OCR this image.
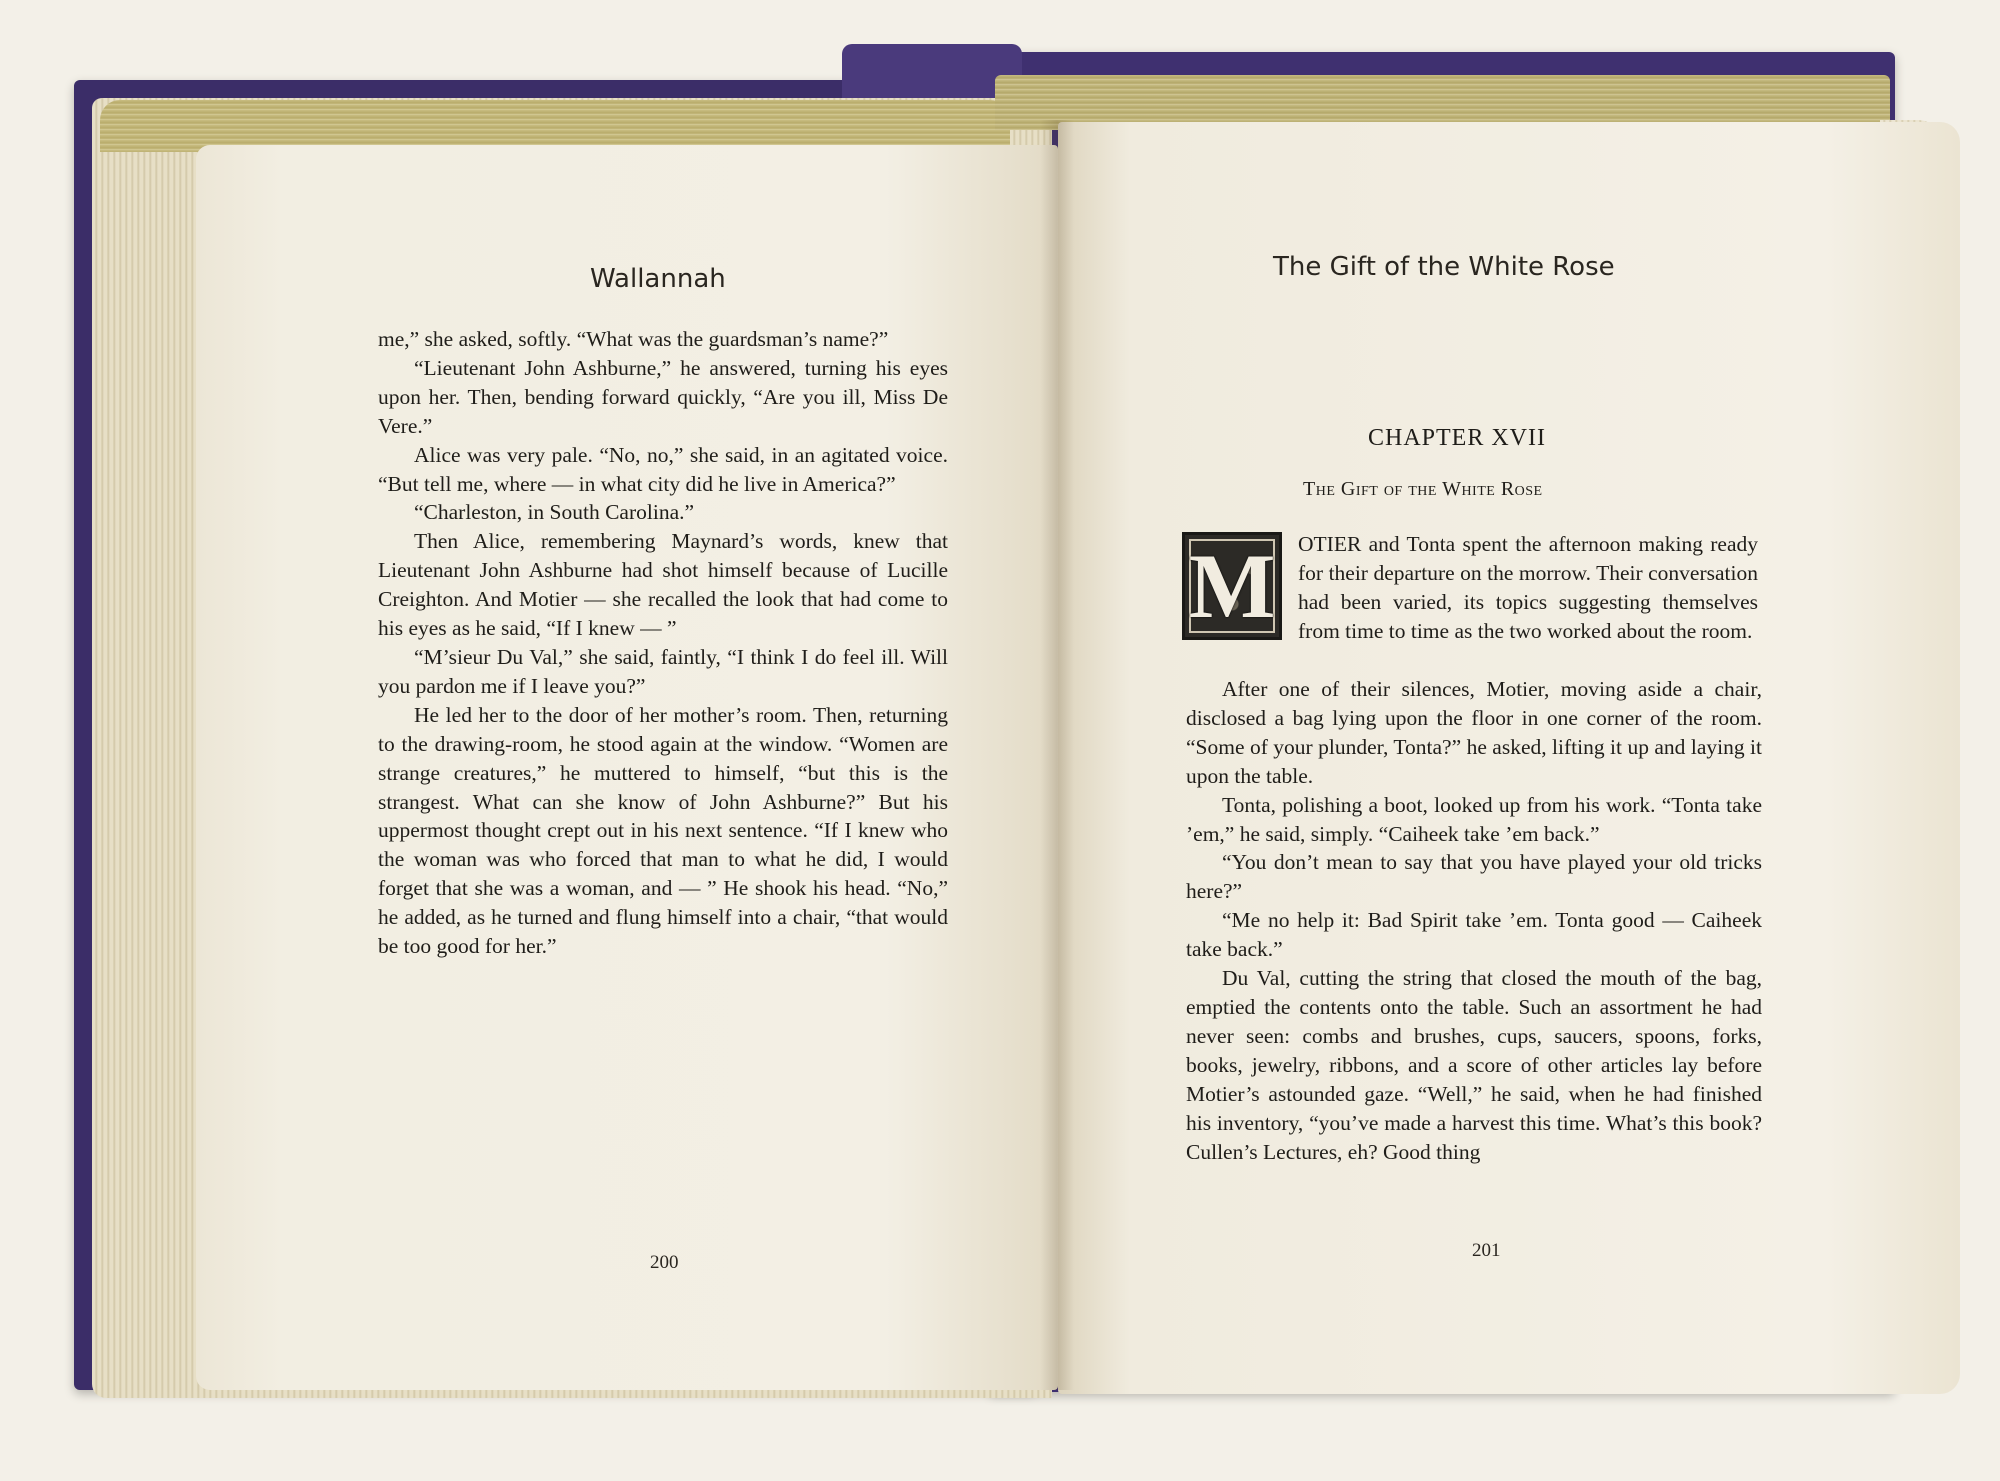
Wallannah

me,” she asked, softly. “What was the guardsman’s name?”

“Lieutenant John Ashburne,” he answered, turning his eyes upon her. Then, bending forward quickly, “Are you ill, Miss De Vere.”

Alice was very pale. “No, no,” she said, in an agitated voice. “But tell me, where — in what city did he live in America?”

“Charleston, in South Carolina.”

Then Alice, remembering Maynard’s words, knew that Lieutenant John Ashburne had shot himself because of Lucille Creighton. And Motier — she recalled the look that had come to his eyes as he said, “If I knew — ”

“M’sieur Du Val,” she said, faintly, “I think I do feel ill. Will you pardon me if I leave you?”

He led her to the door of her mother’s room. Then, returning to the drawing-room, he stood again at the window. “Women are strange creatures,” he muttered to himself, “but this is the strangest. What can she know of John Ashburne?” But his uppermost thought crept out in his next sentence. “If I knew who the woman was who forced that man to what he did, I would forget that she was a woman, and — ” He shook his head. “No,” he added, as he turned and flung himself into a chair, “that would be too good for her.”

200
The Gift of the White Rose
CHAPTER XVII
The Gift of the White Rose
M	OTIER and Tonta spent the afternoon making ready for their departure on the morrow. Their conversation had been varied, its topics suggesting themselves from time to time as the two worked about the room.

After one of their silences, Motier, moving aside a chair, disclosed a bag lying upon the floor in one corner of the room. “Some of your plunder, Tonta?” he asked, lifting it up and laying it upon the table.

Tonta, polishing a boot, looked up from his work. “Tonta take ’em,” he said, simply. “Caiheek take ’em back.”

“You don’t mean to say that you have played your old tricks here?”

“Me no help it: Bad Spirit take ’em. Tonta good — Caiheek take back.”

Du Val, cutting the string that closed the mouth of the bag, emptied the contents onto the table. Such an assortment he had never seen: combs and brushes, cups, saucers, spoons, forks, books, jewelry, ribbons, and a score of other articles lay before Motier’s astounded gaze. “Well,” he said, when he had finished his inventory, “you’ve made a harvest this time. What’s this book? Cullen’s Lectures, eh? Good thing

201
